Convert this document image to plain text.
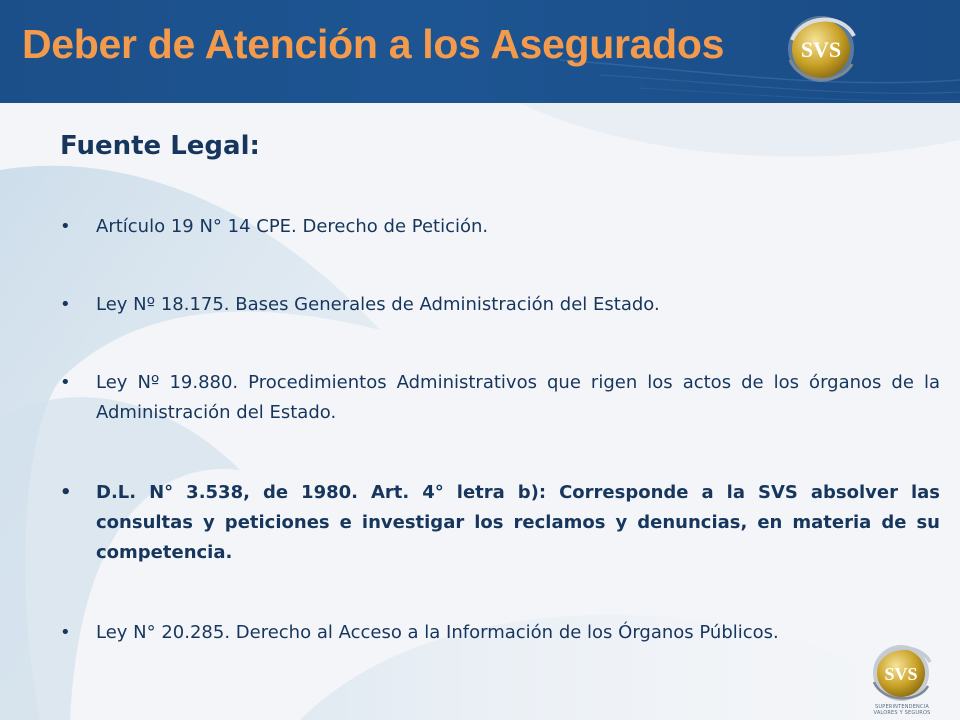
Deber de Atención a los Asegurados	SVS
Fuente Legal:
• Artículo 19 N° 14 CPE. Derecho de Petición.
• Ley Nº 18.175. Bases Generales de Administración del Estado.
• Ley Nº 19.880. Procedimientos Administrativos que rigen los actos de los órganos de la Administración del Estado.
• D.L. N° 3.538, de 1980. Art. 4° letra b): Corresponde a la SVS absolver las consultas y peticiones e investigar los reclamos y denuncias, en materia de su competencia.
• Ley N° 20.285. Derecho al Acceso a la Información de los Órganos Públicos.
SVS
SUPERINTENDENCIA
VALORES Y SEGUROS
